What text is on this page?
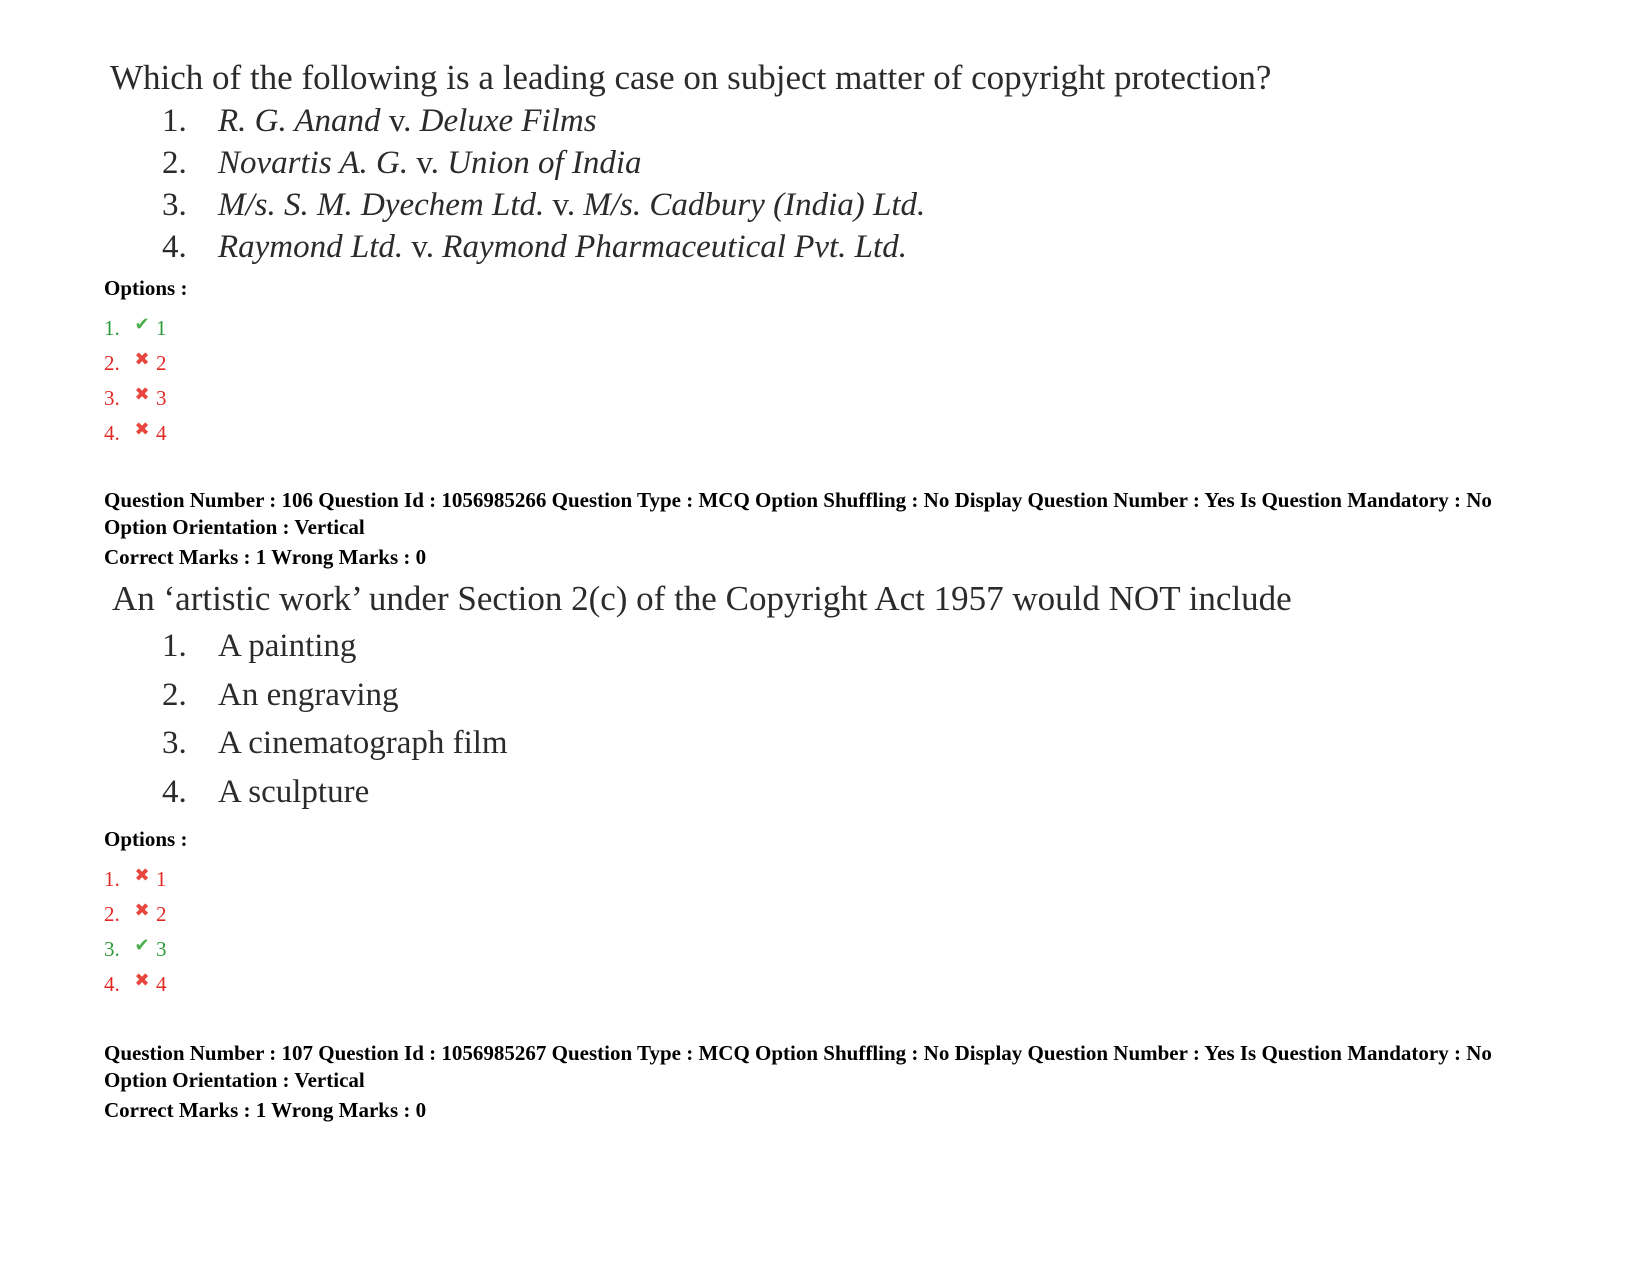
Which of the following is a leading case on subject matter of copyright protection?
1. R. G. Anand v. Deluxe Films
2. Novartis A. G. v. Union of India
3. M/s. S. M. Dyechem Ltd. v. M/s. Cadbury (India) Ltd.
4. Raymond Ltd. v. Raymond Pharmaceutical Pvt. Ltd.
Options :
1. ✔ 1
2. ✖ 2
3. ✖ 3
4. ✖ 4
Question Number : 106 Question Id : 1056985266 Question Type : MCQ Option Shuffling : No Display Question Number : Yes Is Question Mandatory : No Option Orientation : Vertical
Correct Marks : 1 Wrong Marks : 0
An ‘artistic work’ under Section 2(c) of the Copyright Act 1957 would NOT include
1. A painting
2. An engraving
3. A cinematograph film
4. A sculpture
Options :
1. ✖ 1
2. ✖ 2
3. ✔ 3
4. ✖ 4
Question Number : 107 Question Id : 1056985267 Question Type : MCQ Option Shuffling : No Display Question Number : Yes Is Question Mandatory : No Option Orientation : Vertical
Correct Marks : 1 Wrong Marks : 0
